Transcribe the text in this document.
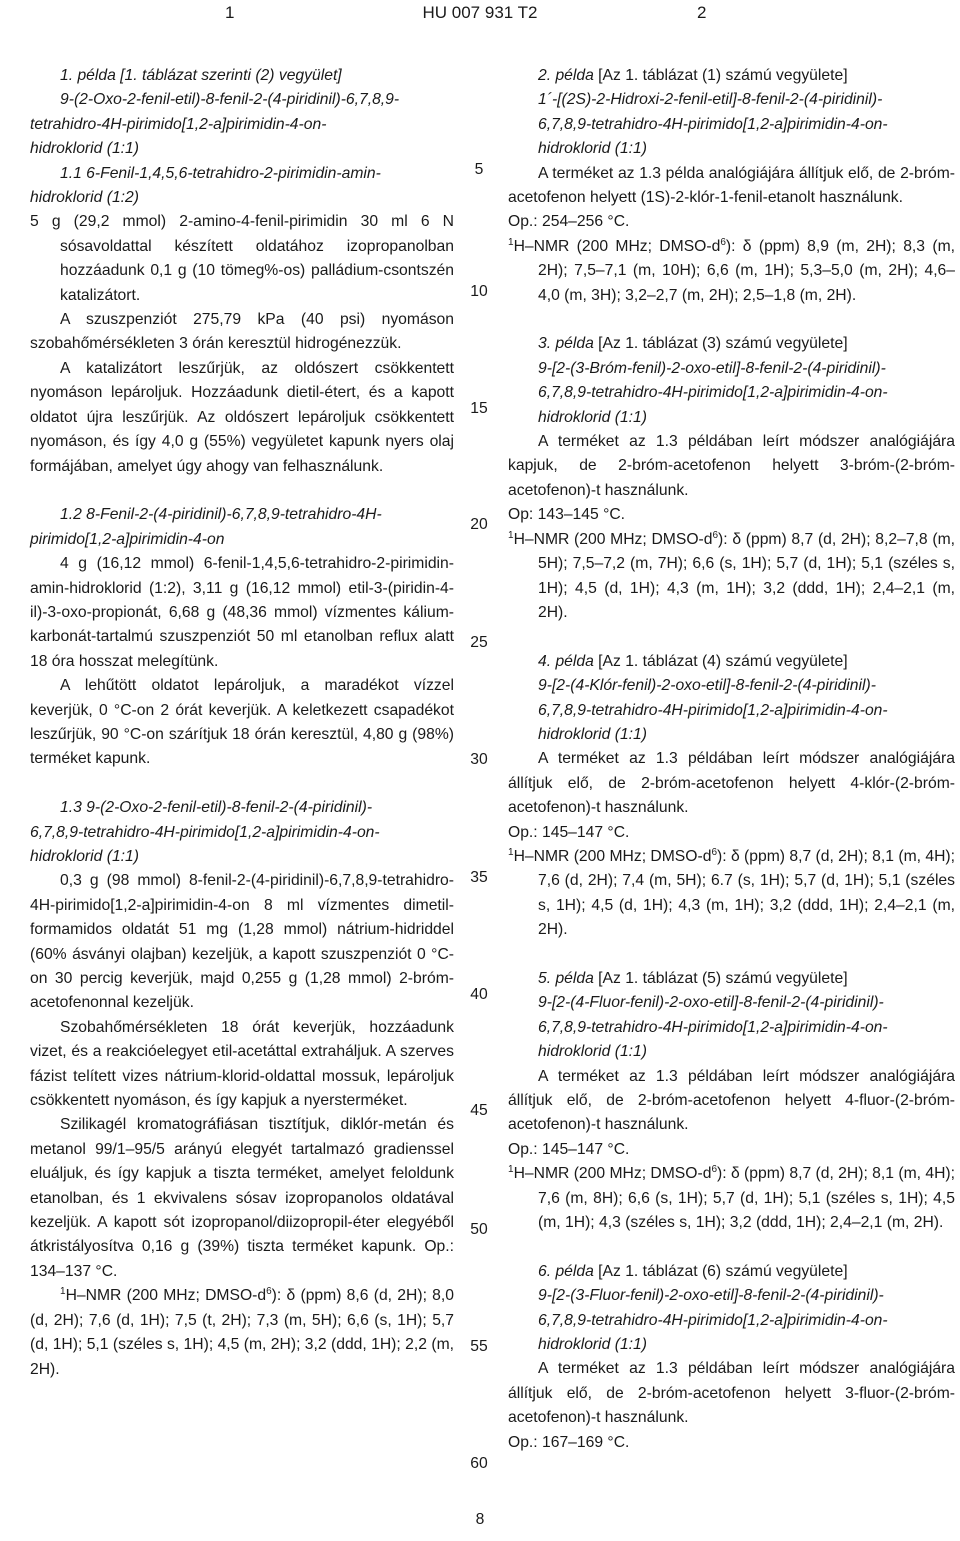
1	HU 007 931 T2	2

1. példa [1. táblázat szerinti (2) vegyület]

9-(2-Oxo-2-fenil-etil)-8-fenil-2-(4-piridinil)-6,7,8,9-

tetrahidro-4H-pirimido[1,2-a]pirimidin-4-on-

hidroklorid (1:1)

1.1 6-Fenil-1,4,5,6-tetrahidro-2-pirimidin-amin-

hidroklorid (1:2)

5 g (29,2 mmol) 2-amino-4-fenil-pirimidin 30 ml 6 N sósavoldattal készített oldatához izopropanolban hozzáadunk 0,1 g (10 tömeg%-os) palládium-csontszén katalizátort.

A szuszpenziót 275,79 kPa (40 psi) nyomáson szobahőmérsékleten 3 órán keresztül hidrogénezzük.

A katalizátort leszűrjük, az oldószert csökkentett nyomáson lepároljuk. Hozzáadunk dietil-étert, és a kapott oldatot újra leszűrjük. Az oldószert lepároljuk csökkentett nyomáson, és így 4,0 g (55%) vegyületet kapunk nyers olaj formájában, amelyet úgy ahogy van felhasználunk.

1.2 8-Fenil-2-(4-piridinil)-6,7,8,9-tetrahidro-4H-

pirimido[1,2-a]pirimidin-4-on

4 g (16,12 mmol) 6-fenil-1,4,5,6-tetrahidro-2-pirimidin-amin-hidroklorid (1:2), 3,11 g (16,12 mmol) etil-3-(piridin-4-il)-3-oxo-propionát, 6,68 g (48,36 mmol) vízmentes kálium-karbonát-tartalmú szuszpenziót 50 ml etanolban reflux alatt 18 óra hosszat melegítünk.

A lehűtött oldatot lepároljuk, a maradékot vízzel keverjük, 0 °C-on 2 órát keverjük. A keletkezett csapadékot leszűrjük, 90 °C-on szárítjuk 18 órán keresztül, 4,80 g (98%) terméket kapunk.

1.3 9-(2-Oxo-2-fenil-etil)-8-fenil-2-(4-piridinil)-

6,7,8,9-tetrahidro-4H-pirimido[1,2-a]pirimidin-4-on-

hidroklorid (1:1)

0,3 g (98 mmol) 8-fenil-2-(4-piridinil)-6,7,8,9-tetrahidro-4H-pirimido[1,2-a]pirimidin-4-on 8 ml vízmentes dimetil-formamidos oldatát 51 mg (1,28 mmol) nátrium-hidriddel (60% ásványi olajban) kezeljük, a kapott szuszpenziót 0 °C-on 30 percig keverjük, majd 0,255 g (1,28 mmol) 2-bróm-acetofenonnal kezeljük.

Szobahőmérsékleten 18 órát keverjük, hozzáadunk vizet, és a reakcióelegyet etil-acetáttal extraháljuk. A szerves fázist telített vizes nátrium-klorid-oldattal mossuk, lepároljuk csökkentett nyomáson, és így kapjuk a nyersterméket.

Szilikagél kromatográfiásan tisztítjuk, diklór-metán és metanol 99/1–95/5 arányú elegyét tartalmazó gradienssel eluáljuk, és így kapjuk a tiszta terméket, amelyet feloldunk etanolban, és 1 ekvivalens sósav izopropanolos oldatával kezeljük. A kapott sót izopropanol/diizopropil-éter elegyéből átkristályosítva 0,16 g (39%) tiszta terméket kapunk. Op.: 134–137 °C.

$^1$H–NMR (200 MHz; DMSO-$d^6$): δ (ppm) 8,6 (d, 2H); 8,0 (d, 2H); 7,6 (d, 1H); 7,5 (t, 2H); 7,3 (m, 5H); 6,6 (s, 1H); 5,7 (d, 1H); 5,1 (széles s, 1H); 4,5 (m, 2H); 3,2 (ddd, 1H); 2,2 (m, 2H).

5
10
15
20
25
30
35
40
45
50
55
60

2. példa [Az 1. táblázat (1) számú vegyülete]

1´-[(2S)-2-Hidroxi-2-fenil-etil]-8-fenil-2-(4-piridinil)-

6,7,8,9-tetrahidro-4H-pirimido[1,2-a]pirimidin-4-on-

hidroklorid (1:1)

A terméket az 1.3 példa analógiájára állítjuk elő, de 2-bróm-acetofenon helyett (1S)-2-klór-1-fenil-etanolt használunk.

Op.: 254–256 °C.

$^1$H–NMR (200 MHz; DMSO-$d^6$): δ (ppm) 8,9 (m, 2H); 8,3 (m, 2H); 7,5–7,1 (m, 10H); 6,6 (m, 1H); 5,3–5,0 (m, 2H); 4,6–4,0 (m, 3H); 3,2–2,7 (m, 2H); 2,5–1,8 (m, 2H).

3. példa [Az 1. táblázat (3) számú vegyülete]

9-[2-(3-Bróm-fenil)-2-oxo-etil]-8-fenil-2-(4-piridinil)-

6,7,8,9-tetrahidro-4H-pirimido[1,2-a]pirimidin-4-on-

hidroklorid (1:1)

A terméket az 1.3 példában leírt módszer analógiájára kapjuk, de 2-bróm-acetofenon helyett 3-bróm-(2-bróm-acetofenon)-t használunk.

Op: 143–145 °C.

$^1$H–NMR (200 MHz; DMSO-$d^6$): δ (ppm) 8,7 (d, 2H); 8,2–7,8 (m, 5H); 7,5–7,2 (m, 7H); 6,6 (s, 1H); 5,7 (d, 1H); 5,1 (széles s, 1H); 4,5 (d, 1H); 4,3 (m, 1H); 3,2 (ddd, 1H); 2,4–2,1 (m, 2H).

4. példa [Az 1. táblázat (4) számú vegyülete]

9-[2-(4-Klór-fenil)-2-oxo-etil]-8-fenil-2-(4-piridinil)-

6,7,8,9-tetrahidro-4H-pirimido[1,2-a]pirimidin-4-on-

hidroklorid (1:1)

A terméket az 1.3 példában leírt módszer analógiájára állítjuk elő, de 2-bróm-acetofenon helyett 4-klór-(2-bróm-acetofenon)-t használunk.

Op.: 145–147 °C.

$^1$H–NMR (200 MHz; DMSO-$d^6$): δ (ppm) 8,7 (d, 2H); 8,1 (m, 4H); 7,6 (d, 2H); 7,4 (m, 5H); 6.7 (s, 1H); 5,7 (d, 1H); 5,1 (széles s, 1H); 4,5 (d, 1H); 4,3 (m, 1H); 3,2 (ddd, 1H); 2,4–2,1 (m, 2H).

5. példa [Az 1. táblázat (5) számú vegyülete]

9-[2-(4-Fluor-fenil)-2-oxo-etil]-8-fenil-2-(4-piridinil)-

6,7,8,9-tetrahidro-4H-pirimido[1,2-a]pirimidin-4-on-

hidroklorid (1:1)

A terméket az 1.3 példában leírt módszer analógiájára állítjuk elő, de 2-bróm-acetofenon helyett 4-fluor-(2-bróm-acetofenon)-t használunk.

Op.: 145–147 °C.

$^1$H–NMR (200 MHz; DMSO-$d^6$): δ (ppm) 8,7 (d, 2H); 8,1 (m, 4H); 7,6 (m, 8H); 6,6 (s, 1H); 5,7 (d, 1H); 5,1 (széles s, 1H); 4,5 (m, 1H); 4,3 (széles s, 1H); 3,2 (ddd, 1H); 2,4–2,1 (m, 2H).

6. példa [Az 1. táblázat (6) számú vegyülete]

9-[2-(3-Fluor-fenil)-2-oxo-etil]-8-fenil-2-(4-piridinil)-

6,7,8,9-tetrahidro-4H-pirimido[1,2-a]pirimidin-4-on-

hidroklorid (1:1)

A terméket az 1.3 példában leírt módszer analógiájára állítjuk elő, de 2-bróm-acetofenon helyett 3-fluor-(2-bróm-acetofenon)-t használunk.

Op.: 167–169 °C.

8
